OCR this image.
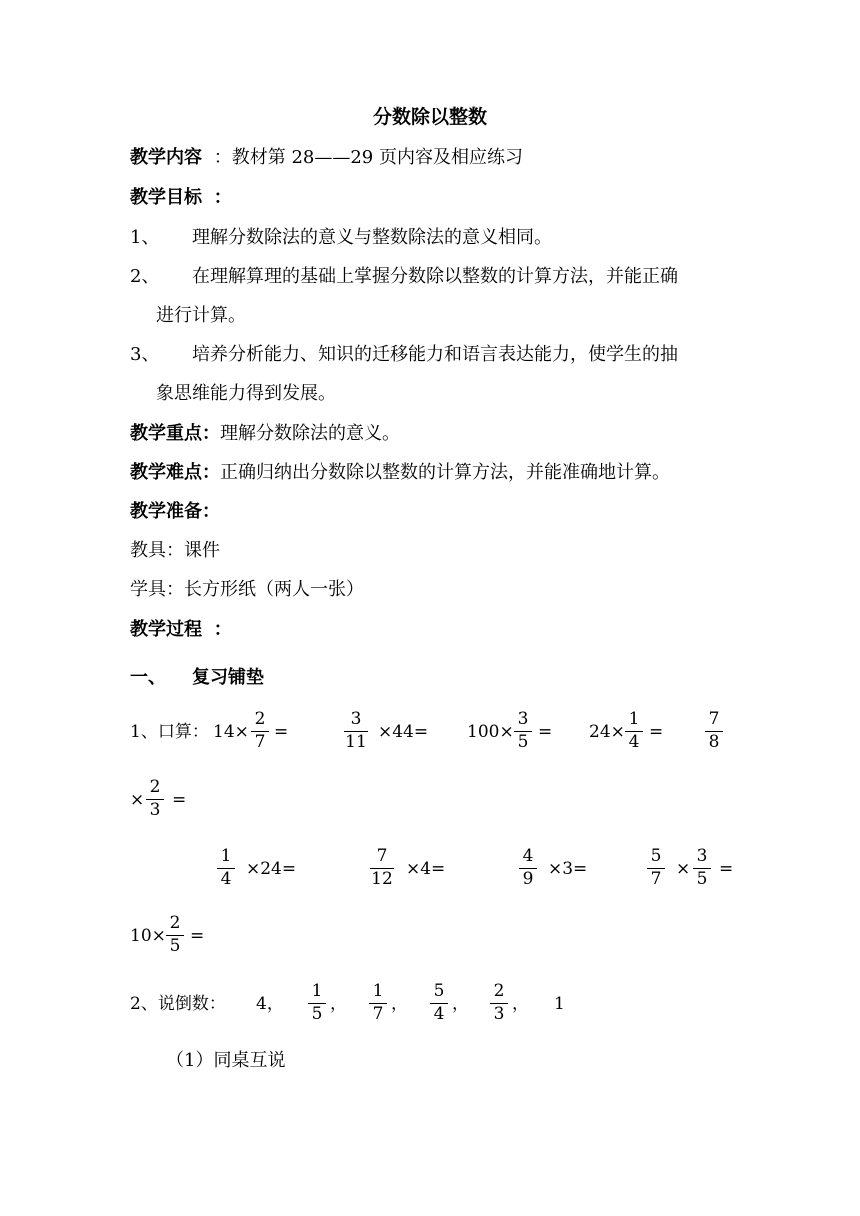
分数除以整数
教学内容 ：教材第 28——29 页内容及相应练习
教学目标 ：
1、 理解分数除法的意义与整数除法的意义相同。
2、 在理解算理的基础上掌握分数除以整数的计算方法，并能正确
进行计算。
3、 培养分析能力、知识的迁移能力和语言表达能力，使学生的抽
象思维能力得到发展。
教学重点：理解分数除法的意义。
教学难点：正确归纳出分数除以整数的计算方法，并能准确地计算。
教学准备：
教具：课件
学具：长方形纸（两人一张）
教学过程 ：
一、 复习铺垫
1、口算： 14×
2
7 =
3
11 ×44= 100×
3
5 = 24×
1
4 =
7
8
×
2
3 =
1
4 ×24=
7
12 ×4=
4
9 ×3=
5
7 ×
3
5 =
10×
2
5 =
2、说倒数： 4，
1
5 ，
1
7 ，
5
4 ，
2
3 ， 1
（1）同桌互说
